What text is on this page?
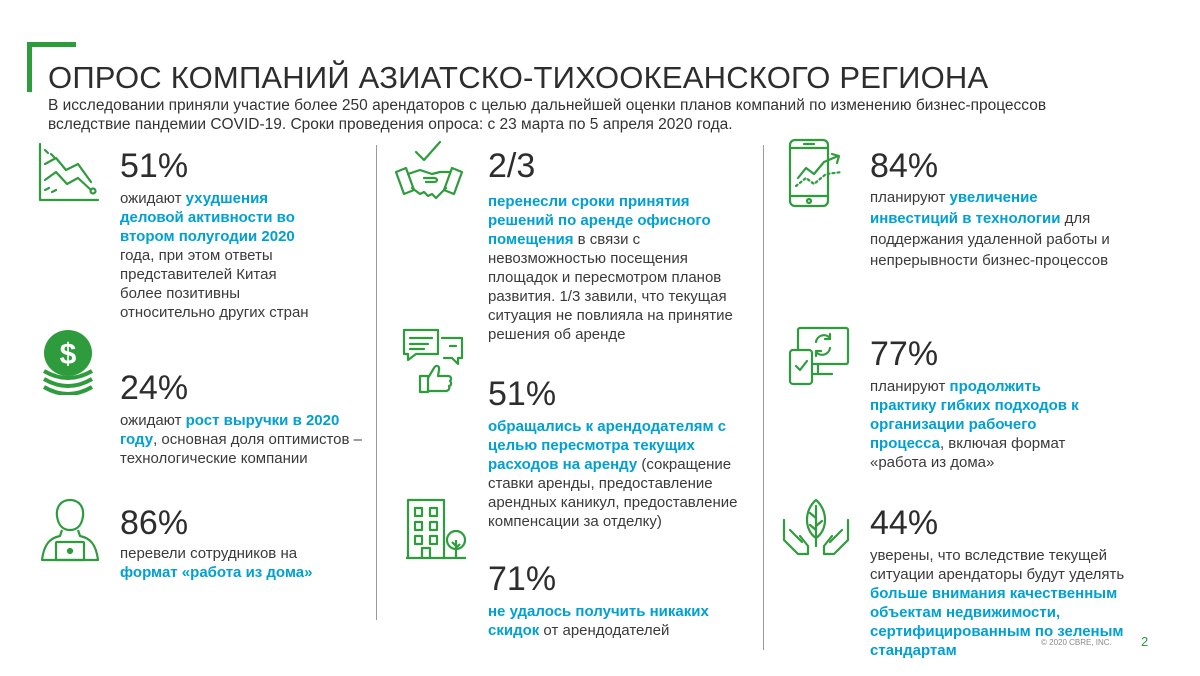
ОПРОС КОМПАНИЙ АЗИАТСКО-ТИХООКЕАНСКОГО РЕГИОНА

В исследовании приняли участие более 250 арендаторов с целью дальнейшей оценки планов компаний по изменению бизнес-процессов вследствие пандемии COVID-19. Сроки проведения опроса: с 23 марта по 5 апреля 2020 года.

51%

ожидают ухудшения деловой активности во втором полугодии 2020 года, при этом ответы представителей Китая более позитивны относительно других стран

$
24%

ожидают рост выручки в 2020 году, основная доля оптимистов – технологические компании

86%

перевели сотрудников на формат «работа из дома»

2/3

перенесли сроки принятия решений по аренде офисного помещения в связи с невозможностью посещения площадок и пересмотром планов развития. 1/3 завили, что текущая ситуация не повлияла на принятие решения об аренде

51%

обращались к арендодателям с целью пересмотра текущих расходов на аренду (сокращение ставки аренды, предоставление арендных каникул, предоставление компенсации за отделку)

71%

не удалось получить никаких скидок от арендодателей

84%

планируют увеличение инвестиций в технологии для поддержания удаленной работы и непрерывности бизнес-процессов

77%

планируют продолжить практику гибких подходов к организации рабочего процесса, включая формат «работа из дома»

44%

уверены, что вследствие текущей ситуации арендаторы будут уделять больше внимания качественным объектам недвижимости, сертифицированным по зеленым стандартам	© 2020 CBRE, INC. 2
